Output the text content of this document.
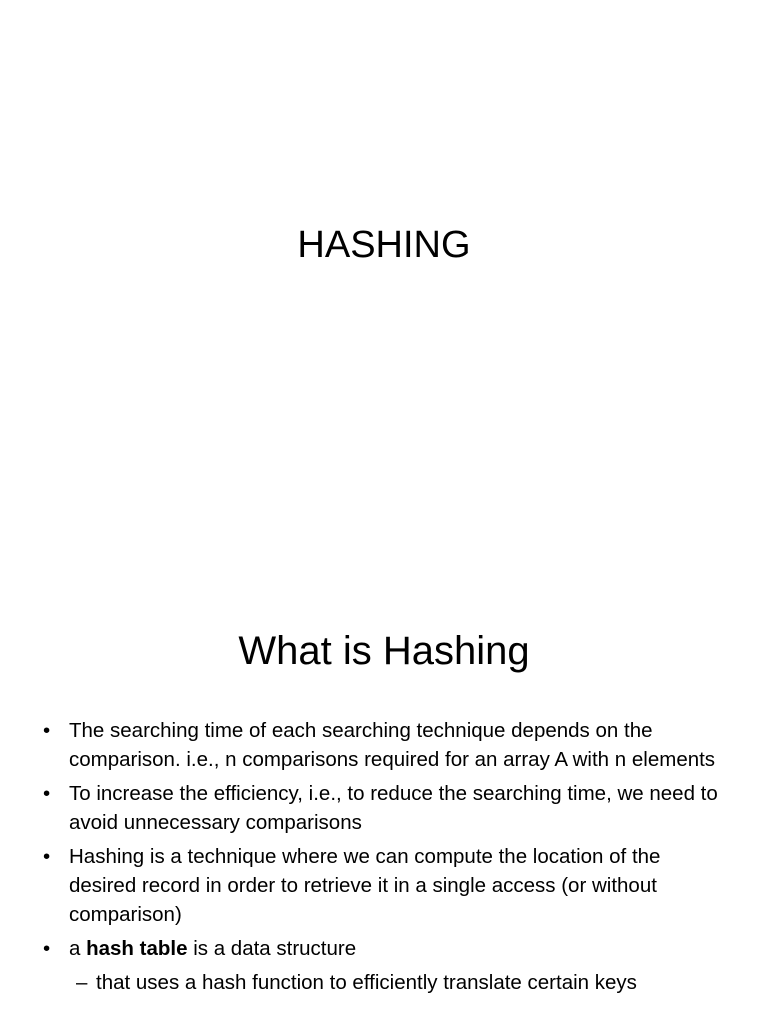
HASHING
What is Hashing
• The searching time of each searching technique depends on the comparison. i.e., n comparisons required for an array A with n elements
• To increase the efficiency, i.e., to reduce the searching time, we need to avoid unnecessary comparisons
• Hashing is a technique where we can compute the location of the desired record in order to retrieve it in a single access (or without comparison)
• a hash table is a data structure
– that uses a hash function to efficiently translate certain keys
